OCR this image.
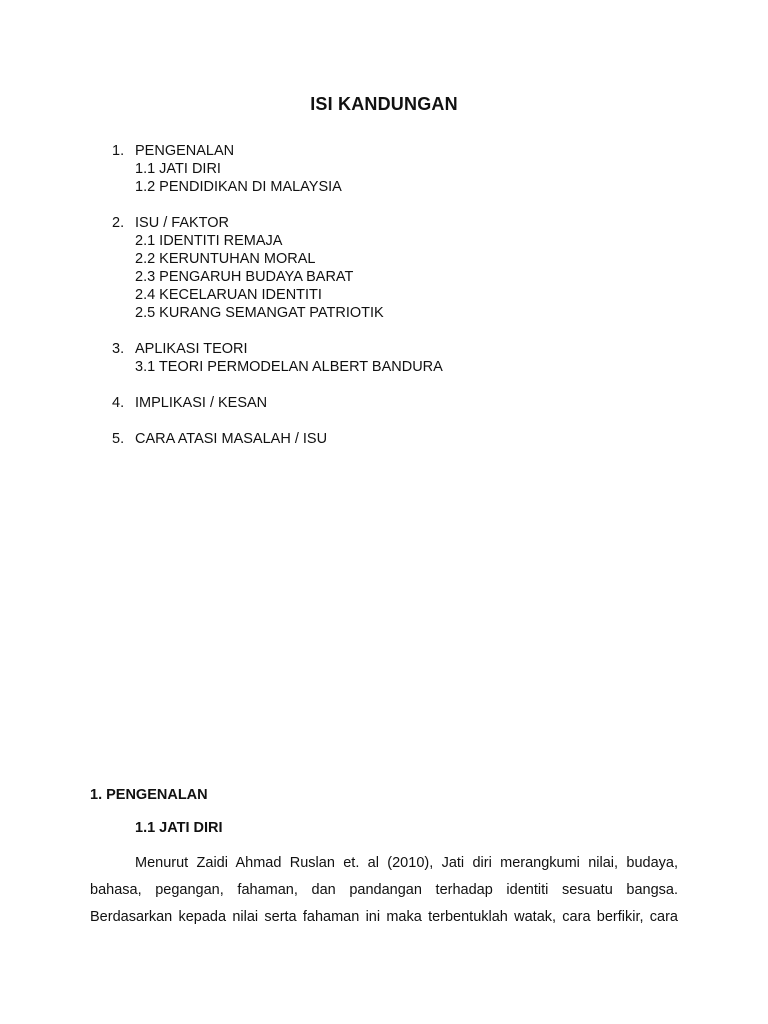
ISI KANDUNGAN
1. PENGENALAN
1.1 JATI DIRI
1.2 PENDIDIKAN DI MALAYSIA
2. ISU / FAKTOR
2.1 IDENTITI REMAJA
2.2 KERUNTUHAN MORAL
2.3 PENGARUH BUDAYA BARAT
2.4 KECELARUAN IDENTITI
2.5 KURANG SEMANGAT PATRIOTIK
3. APLIKASI TEORI
3.1 TEORI PERMODELAN ALBERT BANDURA
4. IMPLIKASI / KESAN
5. CARA ATASI MASALAH / ISU
1. PENGENALAN
1.1 JATI DIRI
Menurut Zaidi Ahmad Ruslan et. al (2010), Jati diri merangkumi nilai, budaya,
bahasa, pegangan, fahaman, dan pandangan terhadap identiti sesuatu bangsa.
Berdasarkan kepada nilai serta fahaman ini maka terbentuklah watak, cara berfikir, cara
